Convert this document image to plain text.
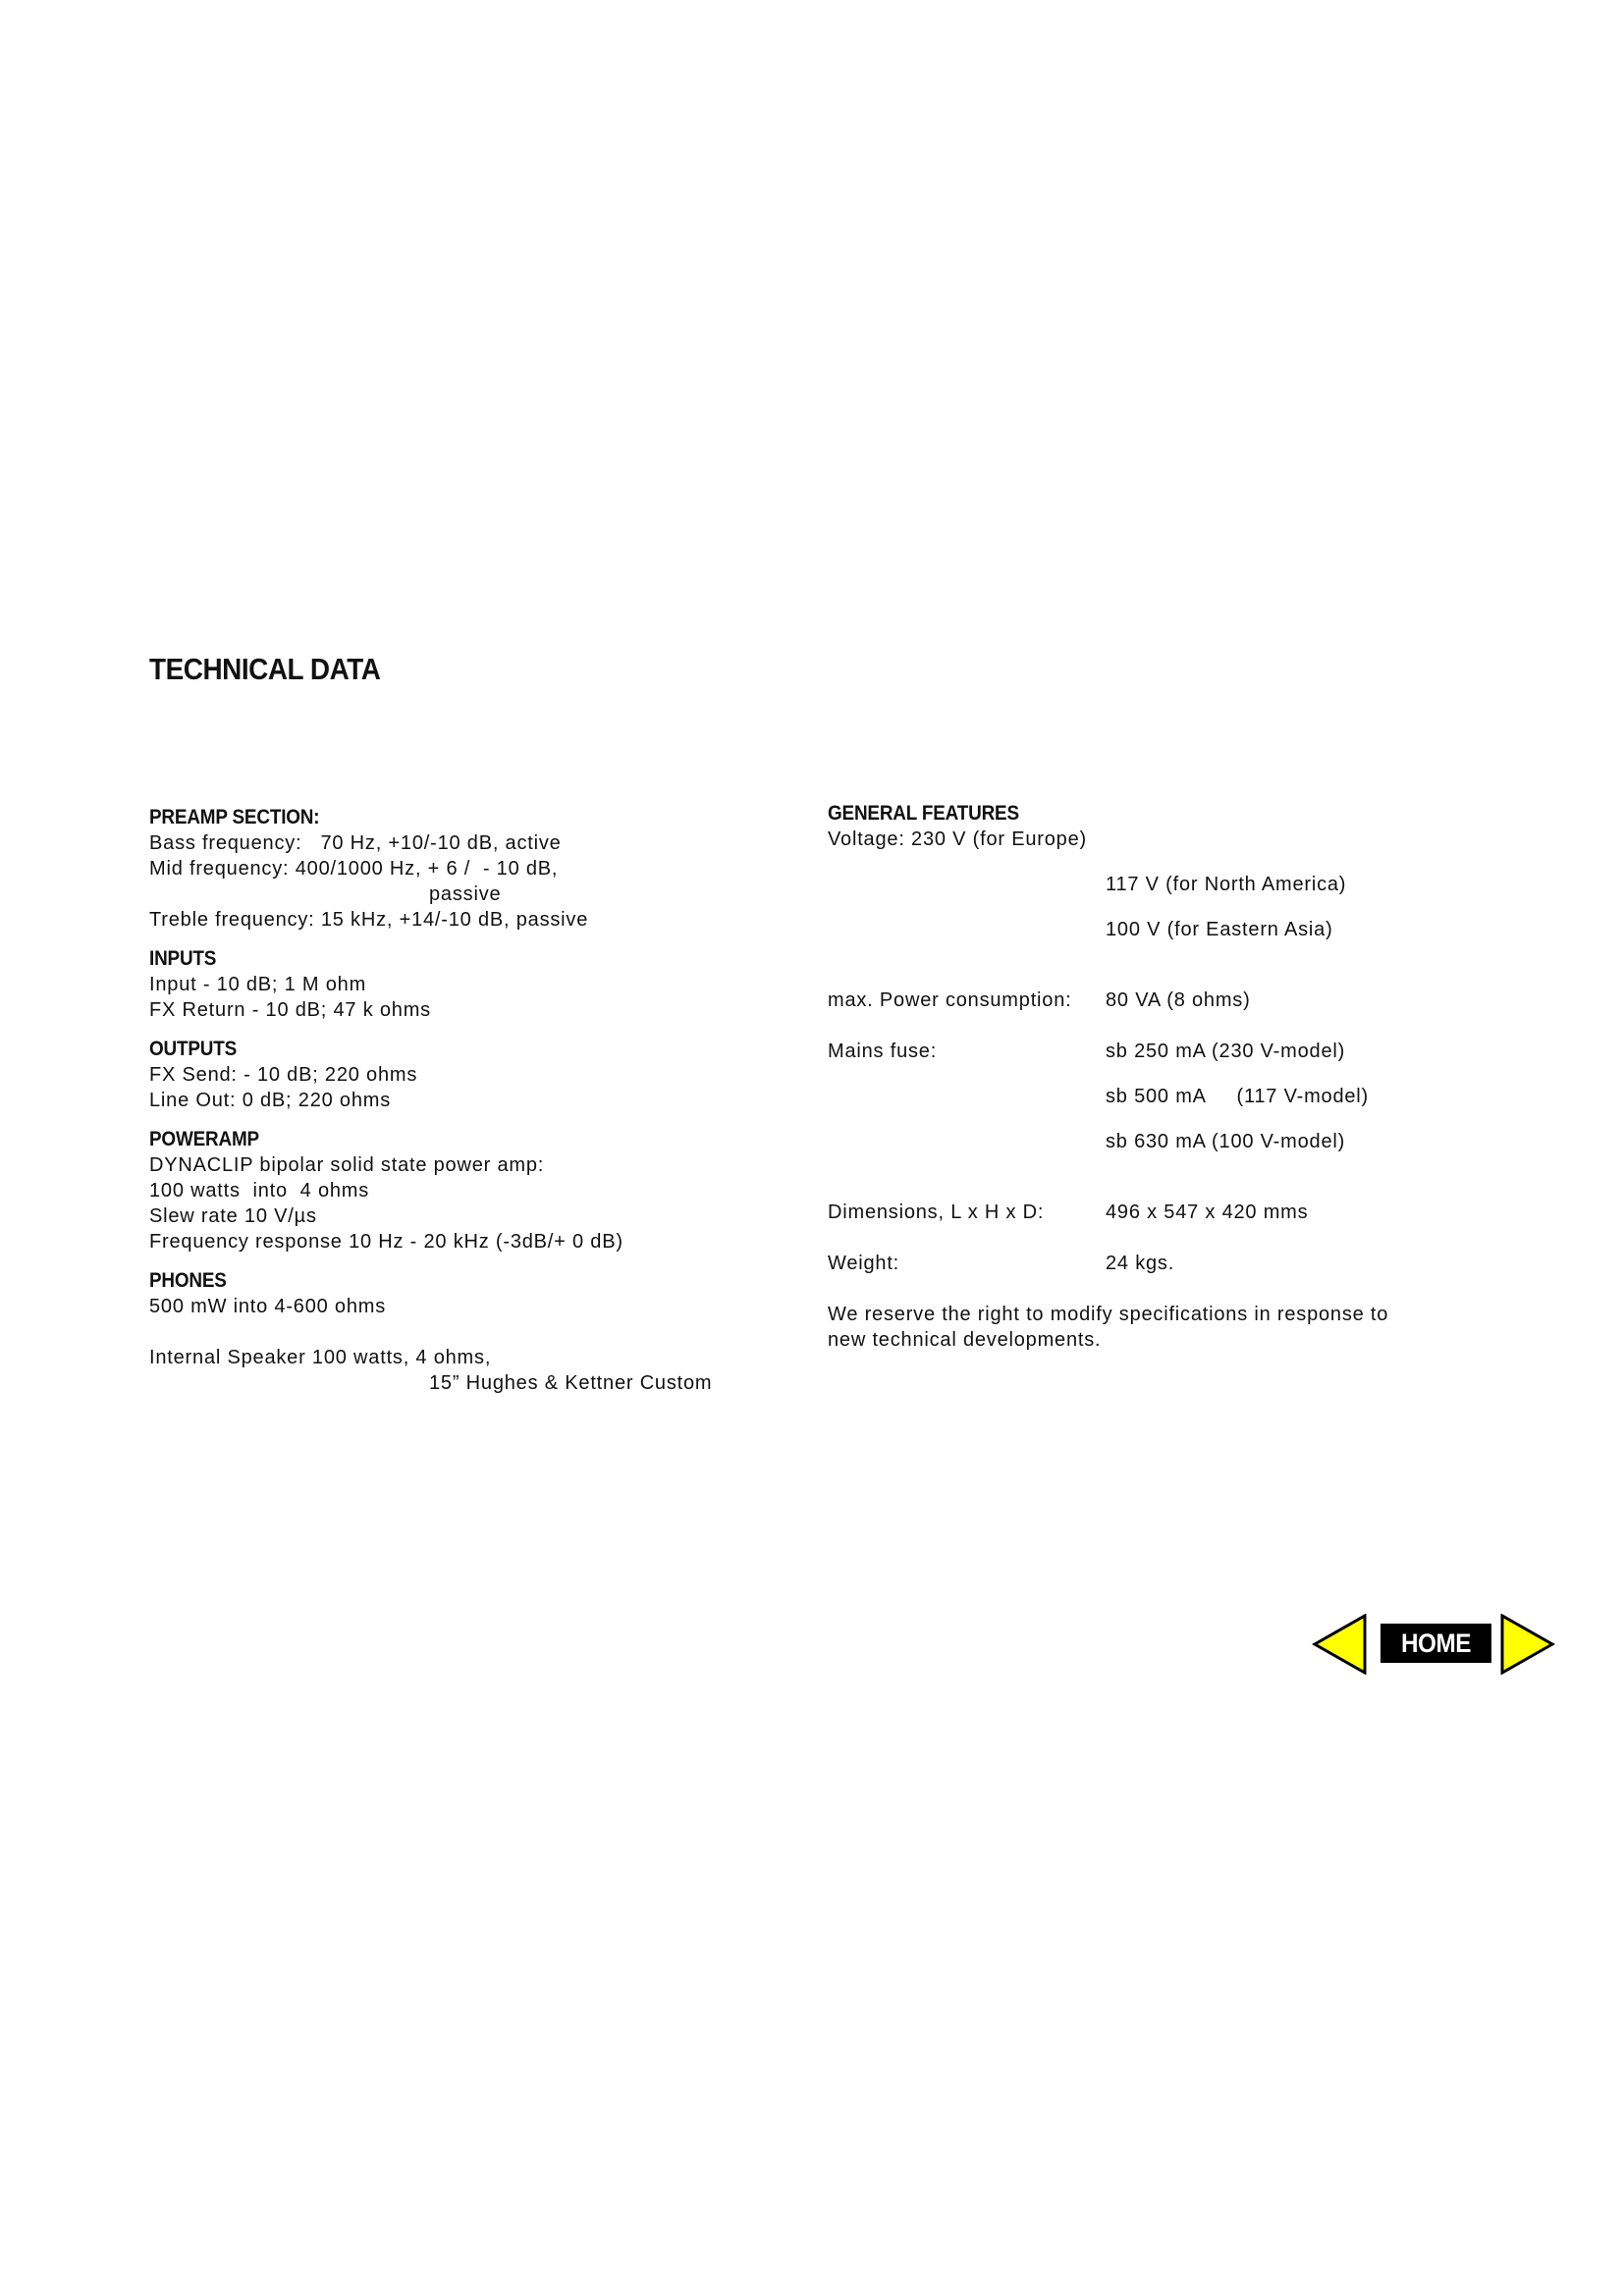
TECHNICAL DATA

PREAMP SECTION:

Bass frequency:   70 Hz, +10/-10 dB, active

Mid frequency: 400/1000 Hz, + 6 /  - 10 dB,

passive

Treble frequency: 15 kHz, +14/-10 dB, passive

INPUTS

Input - 10 dB; 1 M ohm

FX Return - 10 dB; 47 k ohms

OUTPUTS

FX Send: - 10 dB; 220 ohms

Line Out: 0 dB; 220 ohms

POWERAMP

DYNACLIP bipolar solid state power amp:

100 watts  into  4 ohms

Slew rate 10 V/µs

Frequency response 10 Hz - 20 kHz (-3dB/+ 0 dB)

PHONES

500 mW into 4-600 ohms

Internal Speaker 100 watts, 4 ohms,

15” Hughes & Kettner Custom

GENERAL FEATURES

Voltage: 230 V (for Europe)

117 V (for North America)

100 V (for Eastern Asia)

max. Power consumption:	80 VA (8 ohms)
Mains fuse:	sb 250 mA (230 V-model)

sb 500 mA     (117 V-model)

sb 630 mA (100 V-model)

Dimensions, L x H x D:	496 x 547 x 420 mms
Weight:	24 kgs.

We reserve the right to modify specifications in response to

new technical developments.

HOME
